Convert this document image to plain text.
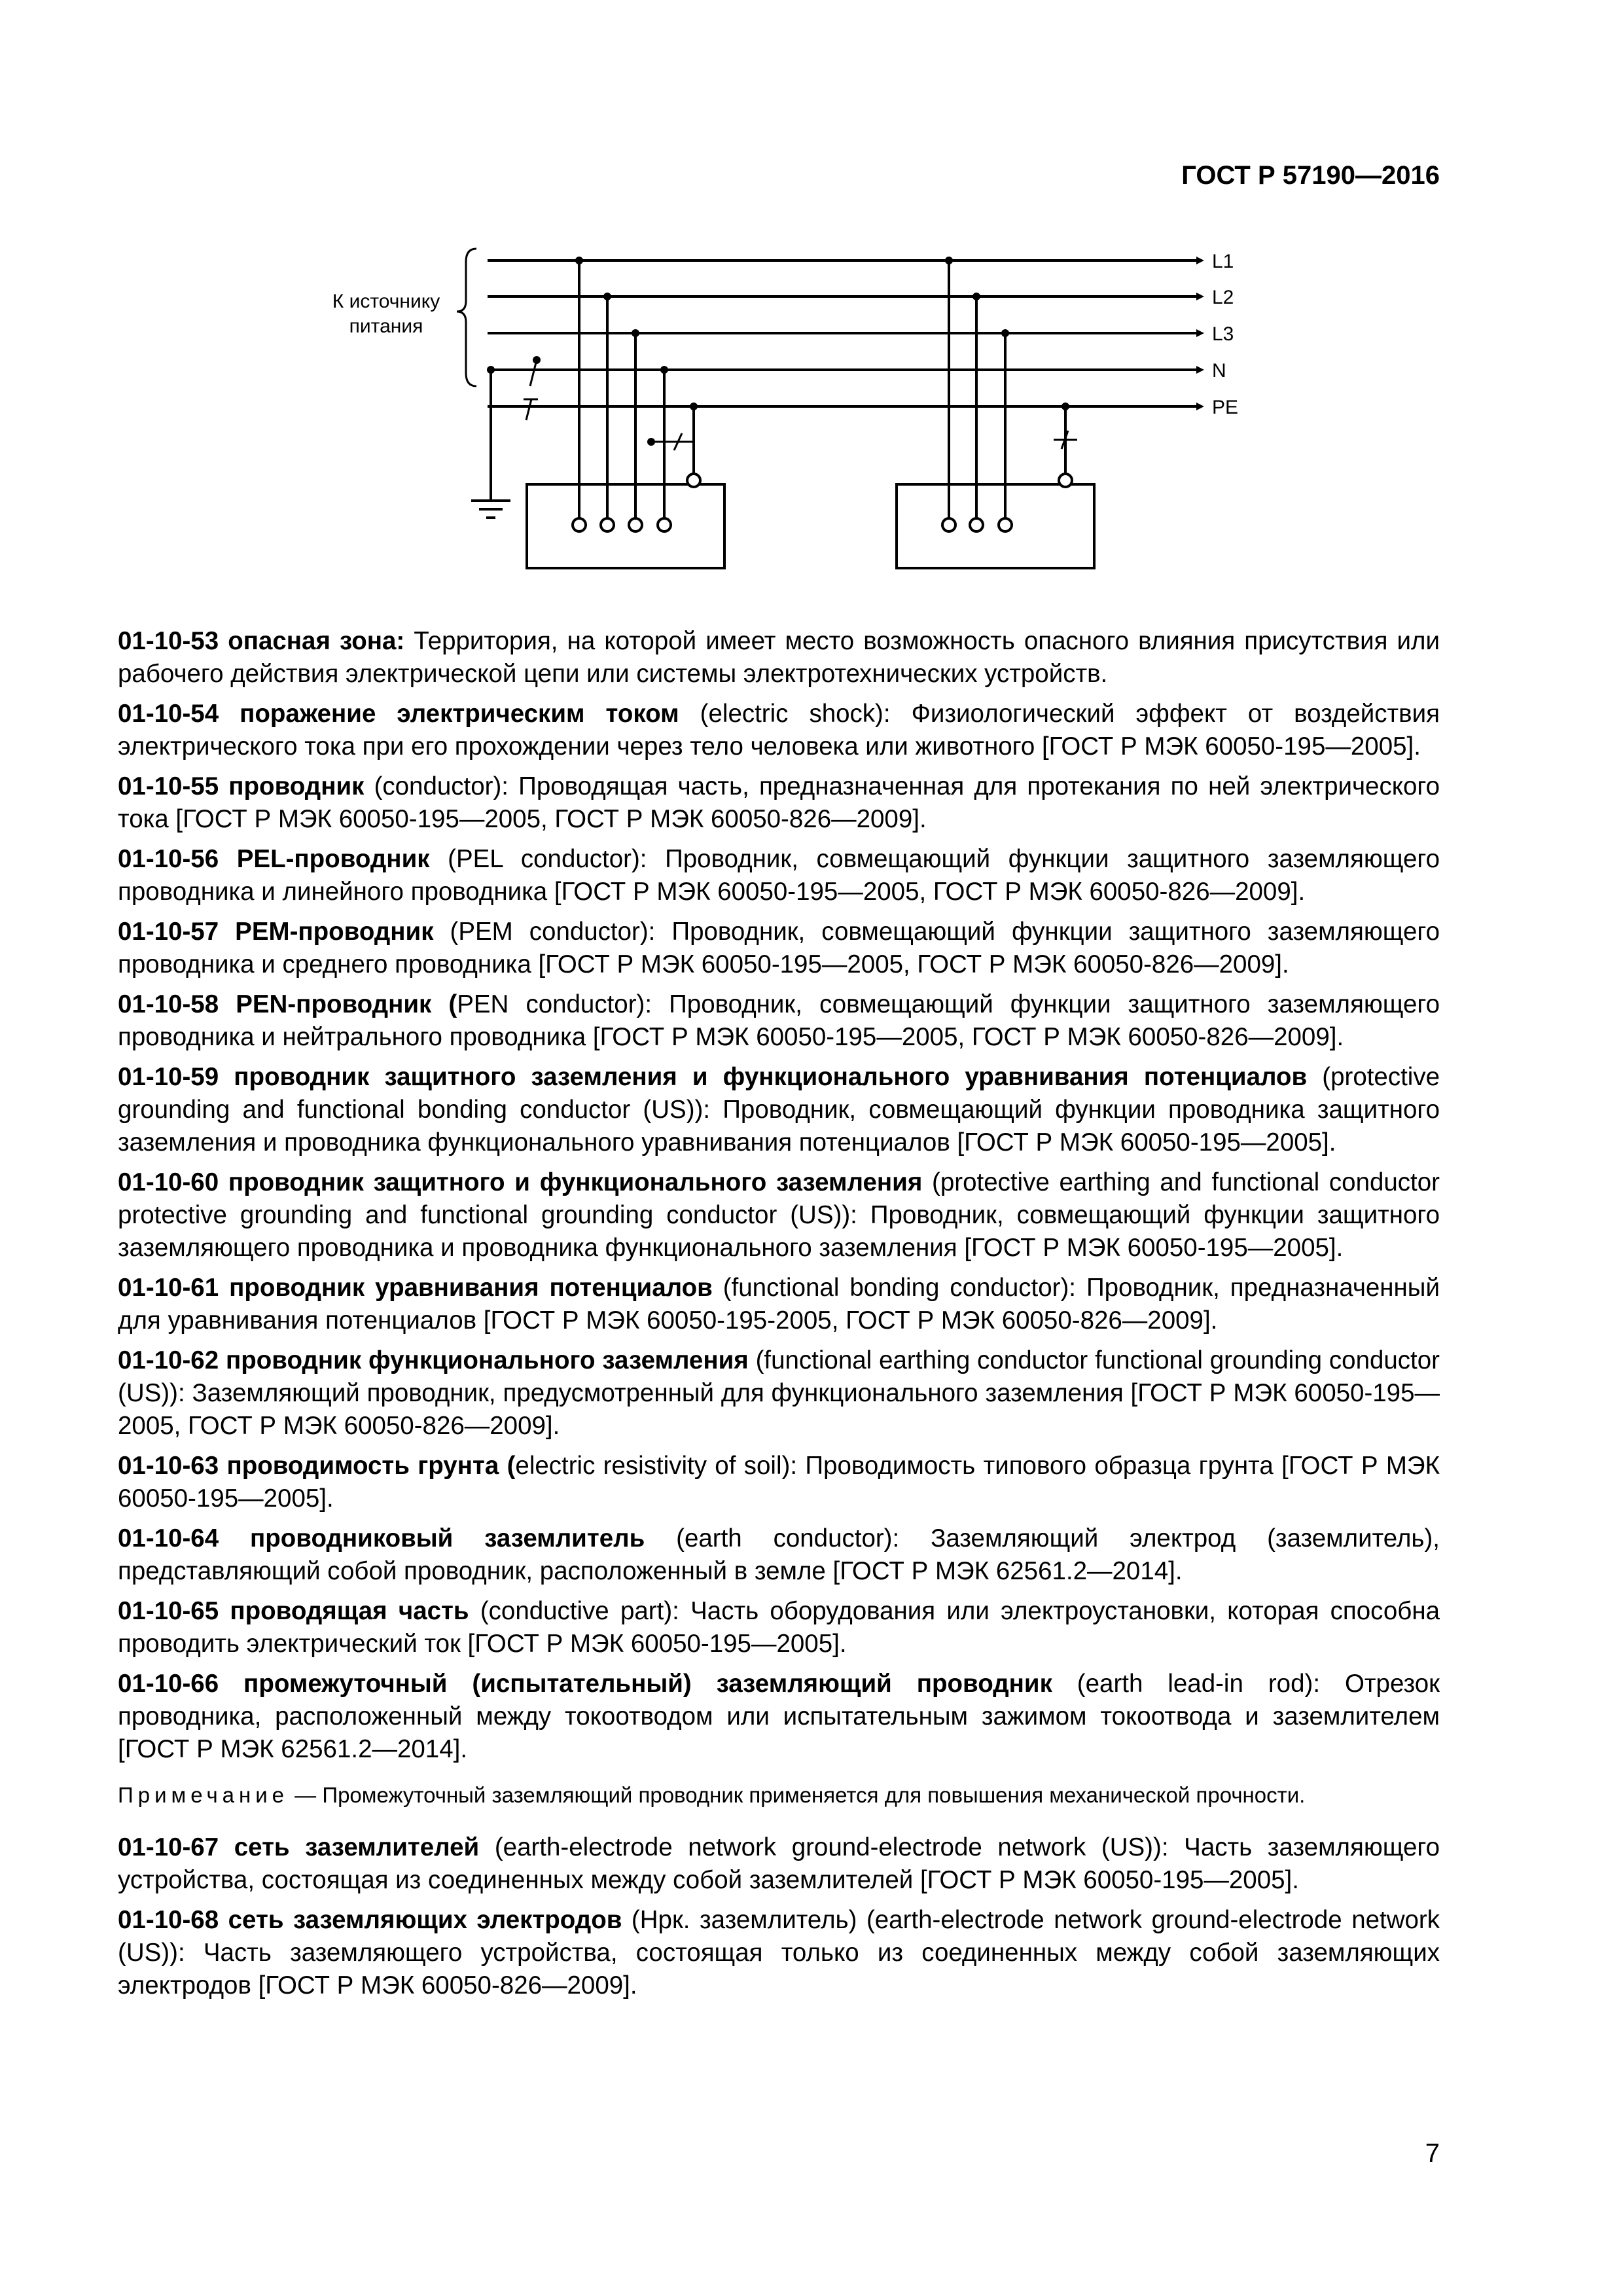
ГОСТ Р 57190—2016
К источнику
питания
L1
L2
L3
N
PE

01-10-53 опасная зона: Территория, на которой имеет место возможность опасного влияния присутствия или рабочего действия электрической цепи или системы электротехнических устройств.

01-10-54 поражение электрическим током (electric shock): Физиологический эффект от воздействия электрического тока при его прохождении через тело человека или животного [ГОСТ Р МЭК 60050-195—2005].

01-10-55 проводник (conductor): Проводящая часть, предназначенная для протекания по ней электрического тока [ГОСТ Р МЭК 60050-195—2005, ГОСТ Р МЭК 60050-826—2009].

01-10-56 PEL-проводник (PEL conductor): Проводник, совмещающий функции защитного заземляющего проводника и линейного проводника [ГОСТ Р МЭК 60050-195—2005, ГОСТ Р МЭК 60050-826—2009].

01-10-57 PEM-проводник (PEM conductor): Проводник, совмещающий функции защитного заземляющего проводника и среднего проводника [ГОСТ Р МЭК 60050-195—2005, ГОСТ Р МЭК 60050-826—2009].

01-10-58 PEN-проводник (PEN conductor): Проводник, совмещающий функции защитного заземляющего проводника и нейтрального проводника [ГОСТ Р МЭК 60050-195—2005, ГОСТ Р МЭК 60050-826—2009].

01-10-59 проводник защитного заземления и функционального уравнивания потенциалов (protective grounding and functional bonding conductor (US)): Проводник, совмещающий функции проводника защитного заземления и проводника функционального уравнивания потенциалов [ГОСТ Р МЭК 60050-195—2005].

01-10-60 проводник защитного и функционального заземления (protective earthing and functional conductor protective grounding and functional grounding conductor (US)): Проводник, совмещающий функции защитного заземляющего проводника и проводника функционального заземления [ГОСТ Р МЭК 60050-195—2005].

01-10-61 проводник уравнивания потенциалов (functional bonding conductor): Проводник, предназначенный для уравнивания потенциалов [ГОСТ Р МЭК 60050-195-2005, ГОСТ Р МЭК 60050-826—2009].

01-10-62 проводник функционального заземления (functional earthing conductor functional grounding conductor (US)): Заземляющий проводник, предусмотренный для функционального заземления [ГОСТ Р МЭК 60050-195—2005, ГОСТ Р МЭК 60050-826—2009].

01-10-63 проводимость грунта (electric resistivity of soil): Проводимость типового образца грунта [ГОСТ Р МЭК 60050-195—2005].

01-10-64 проводниковый заземлитель (earth conductor): Заземляющий электрод (заземлитель), представляющий собой проводник, расположенный в земле [ГОСТ Р МЭК 62561.2—2014].

01-10-65 проводящая часть (conductive part): Часть оборудования или электроустановки, которая способна проводить электрический ток [ГОСТ Р МЭК 60050-195—2005].

01-10-66 промежуточный (испытательный) заземляющий проводник (earth lead-in rod): Отрезок проводника, расположенный между токоотводом или испытательным зажимом токоотвода и заземлителем [ГОСТ Р МЭК 62561.2—2014].

Примечание — Промежуточный заземляющий проводник применяется для повышения механической прочности.

01-10-67 сеть заземлителей (earth-electrode network ground-electrode network (US)): Часть заземляющего устройства, состоящая из соединенных между собой заземлителей [ГОСТ Р МЭК 60050-195—2005].

01-10-68 сеть заземляющих электродов (Нрк. заземлитель) (earth-electrode network ground-electrode network (US)): Часть заземляющего устройства, состоящая только из соединенных между собой заземляющих электродов [ГОСТ Р МЭК 60050-826—2009].

7
